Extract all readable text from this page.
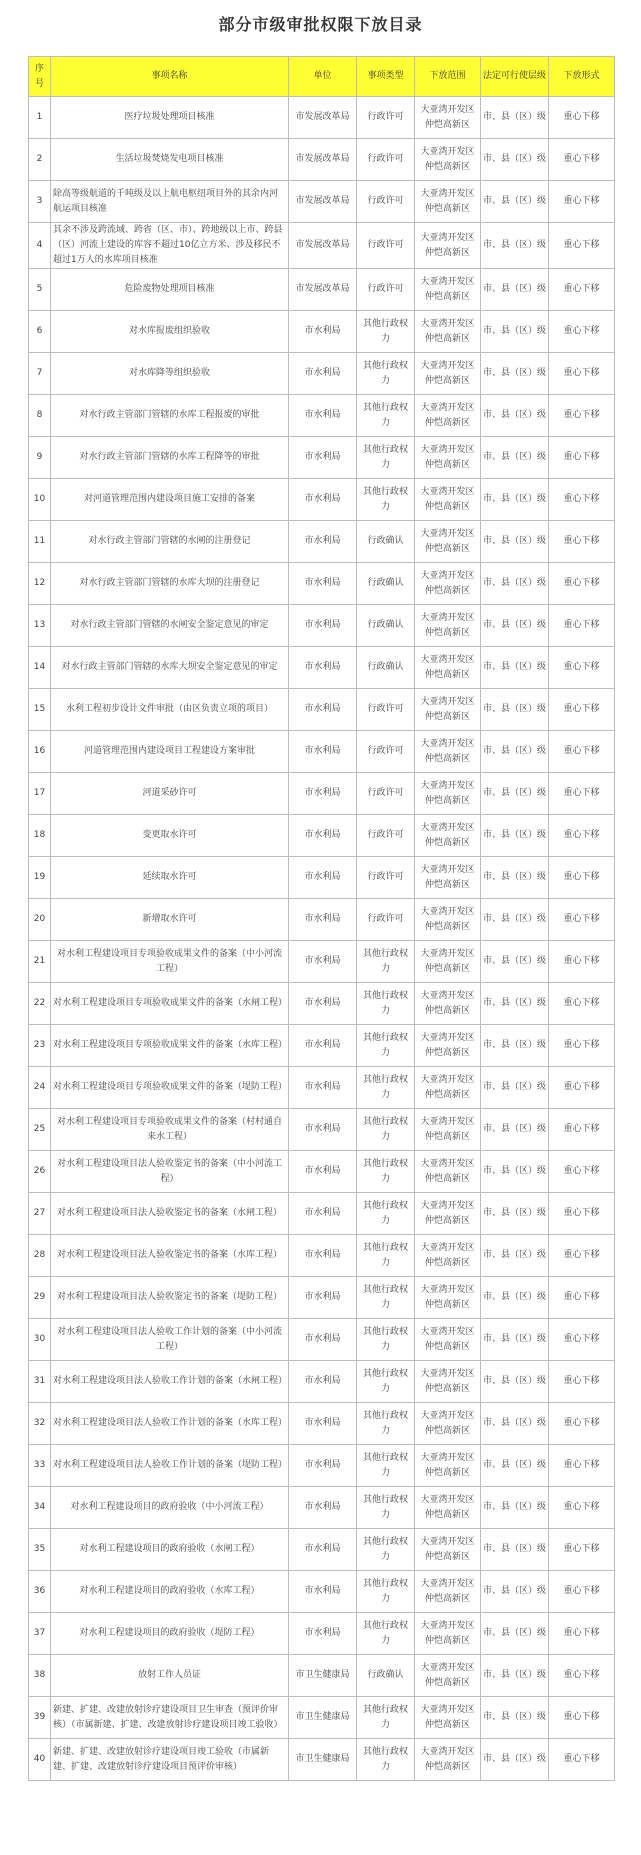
部分市级审批权限下放目录
序号	事项名称	单位	事项类型	下放范围	法定可行使层级	下放形式
1	医疗垃圾处理项目核准	市发展改革局	行政许可	大亚湾开发区仲恺高新区	市、县（区）级	重心下移
2	生活垃圾焚烧发电项目核准	市发展改革局	行政许可	大亚湾开发区仲恺高新区	市、县（区）级	重心下移
3	除高等级航道的千吨级及以上航电枢纽项目外的其余内河航运项目核准	市发展改革局	行政许可	大亚湾开发区仲恺高新区	市、县（区）级	重心下移
4	其余不涉及跨流域、跨省（区、市）、跨地级以上市、跨县（区）河流上建设的库容不超过10亿立方米、涉及移民不超过1万人的水库项目核准	市发展改革局	行政许可	大亚湾开发区仲恺高新区	市、县（区）级	重心下移
5	危险废物处理项目核准	市发展改革局	行政许可	大亚湾开发区仲恺高新区	市、县（区）级	重心下移
6	对水库报废组织验收	市水利局	其他行政权力	大亚湾开发区仲恺高新区	市、县（区）级	重心下移
7	对水库降等组织验收	市水利局	其他行政权力	大亚湾开发区仲恺高新区	市、县（区）级	重心下移
8	对水行政主管部门管辖的水库工程报废的审批	市水利局	其他行政权力	大亚湾开发区仲恺高新区	市、县（区）级	重心下移
9	对水行政主管部门管辖的水库工程降等的审批	市水利局	其他行政权力	大亚湾开发区仲恺高新区	市、县（区）级	重心下移
10	对河道管理范围内建设项目施工安排的备案	市水利局	其他行政权力	大亚湾开发区仲恺高新区	市、县（区）级	重心下移
11	对水行政主管部门管辖的水闸的注册登记	市水利局	行政确认	大亚湾开发区仲恺高新区	市、县（区）级	重心下移
12	对水行政主管部门管辖的水库大坝的注册登记	市水利局	行政确认	大亚湾开发区仲恺高新区	市、县（区）级	重心下移
13	对水行政主管部门管辖的水闸安全鉴定意见的审定	市水利局	行政确认	大亚湾开发区仲恺高新区	市、县（区）级	重心下移
14	对水行政主管部门管辖的水库大坝安全鉴定意见的审定	市水利局	行政确认	大亚湾开发区仲恺高新区	市、县（区）级	重心下移
15	水利工程初步设计文件审批（由区负责立项的项目）	市水利局	行政许可	大亚湾开发区仲恺高新区	市、县（区）级	重心下移
16	河道管理范围内建设项目工程建设方案审批	市水利局	行政许可	大亚湾开发区仲恺高新区	市、县（区）级	重心下移
17	河道采砂许可	市水利局	行政许可	大亚湾开发区仲恺高新区	市、县（区）级	重心下移
18	变更取水许可	市水利局	行政许可	大亚湾开发区仲恺高新区	市、县（区）级	重心下移
19	延续取水许可	市水利局	行政许可	大亚湾开发区仲恺高新区	市、县（区）级	重心下移
20	新增取水许可	市水利局	行政许可	大亚湾开发区仲恺高新区	市、县（区）级	重心下移
21	对水利工程建设项目专项验收成果文件的备案（中小河流工程）	市水利局	其他行政权力	大亚湾开发区仲恺高新区	市、县（区）级	重心下移
22	对水利工程建设项目专项验收成果文件的备案（水闸工程）	市水利局	其他行政权力	大亚湾开发区仲恺高新区	市、县（区）级	重心下移
23	对水利工程建设项目专项验收成果文件的备案（水库工程）	市水利局	其他行政权力	大亚湾开发区仲恺高新区	市、县（区）级	重心下移
24	对水利工程建设项目专项验收成果文件的备案（堤防工程）	市水利局	其他行政权力	大亚湾开发区仲恺高新区	市、县（区）级	重心下移
25	对水利工程建设项目专项验收成果文件的备案（村村通自来水工程）	市水利局	其他行政权力	大亚湾开发区仲恺高新区	市、县（区）级	重心下移
26	对水利工程建设项目法人验收鉴定书的备案（中小河流工程）	市水利局	其他行政权力	大亚湾开发区仲恺高新区	市、县（区）级	重心下移
27	对水利工程建设项目法人验收鉴定书的备案（水闸工程）	市水利局	其他行政权力	大亚湾开发区仲恺高新区	市、县（区）级	重心下移
28	对水利工程建设项目法人验收鉴定书的备案（水库工程）	市水利局	其他行政权力	大亚湾开发区仲恺高新区	市、县（区）级	重心下移
29	对水利工程建设项目法人验收鉴定书的备案（堤防工程）	市水利局	其他行政权力	大亚湾开发区仲恺高新区	市、县（区）级	重心下移
30	对水利工程建设项目法人验收工作计划的备案（中小河流工程）	市水利局	其他行政权力	大亚湾开发区仲恺高新区	市、县（区）级	重心下移
31	对水利工程建设项目法人验收工作计划的备案（水闸工程）	市水利局	其他行政权力	大亚湾开发区仲恺高新区	市、县（区）级	重心下移
32	对水利工程建设项目法人验收工作计划的备案（水库工程）	市水利局	其他行政权力	大亚湾开发区仲恺高新区	市、县（区）级	重心下移
33	对水利工程建设项目法人验收工作计划的备案（堤防工程）	市水利局	其他行政权力	大亚湾开发区仲恺高新区	市、县（区）级	重心下移
34	对水利工程建设项目的政府验收（中小河流工程）	市水利局	其他行政权力	大亚湾开发区仲恺高新区	市、县（区）级	重心下移
35	对水利工程建设项目的政府验收（水闸工程）	市水利局	其他行政权力	大亚湾开发区仲恺高新区	市、县（区）级	重心下移
36	对水利工程建设项目的政府验收（水库工程）	市水利局	其他行政权力	大亚湾开发区仲恺高新区	市、县（区）级	重心下移
37	对水利工程建设项目的政府验收（堤防工程）	市水利局	其他行政权力	大亚湾开发区仲恺高新区	市、县（区）级	重心下移
38	放射工作人员证	市卫生健康局	行政确认	大亚湾开发区仲恺高新区	市、县（区）级	重心下移
39	新建、扩建、改建放射诊疗建设项目卫生审查（预评价审核）（市属新建、扩建、改建放射诊疗建设项目竣工验收）	市卫生健康局	其他行政权力	大亚湾开发区仲恺高新区	市、县（区）级	重心下移
40	新建、扩建、改建放射诊疗建设项目竣工验收（市属新建、扩建、改建放射诊疗建设项目预评价审核）	市卫生健康局	其他行政权力	大亚湾开发区仲恺高新区	市、县（区）级	重心下移
